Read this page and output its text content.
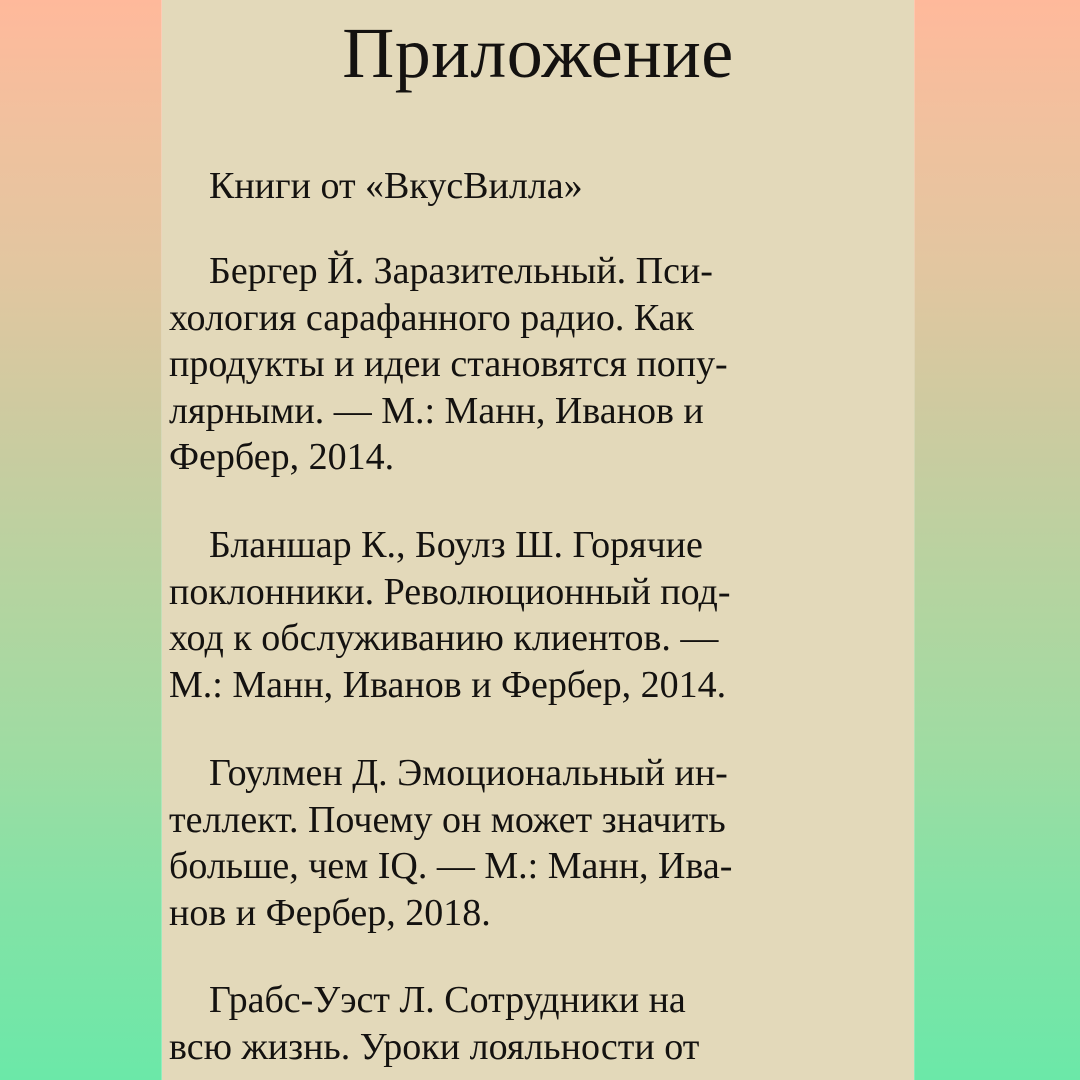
Приложение

Книги от «ВкусВилла»

Бергер Й. Заразительный. Пси-
хология сарафанного радио. Как
продукты и идеи становятся попу-
лярными. — М.: Манн, Иванов и
Фербер, 2014.
Бланшар К., Боулз Ш. Горячие
поклонники. Революционный под-
ход к обслуживанию клиентов. —
М.: Манн, Иванов и Фербер, 2014.
Гоулмен Д. Эмоциональный ин-
теллект. Почему он может значить
больше, чем IQ. — М.: Манн, Ива-
нов и Фербер, 2018.
Грабс-Уэст Л. Сотрудники на
всю жизнь. Уроки лояльности от
